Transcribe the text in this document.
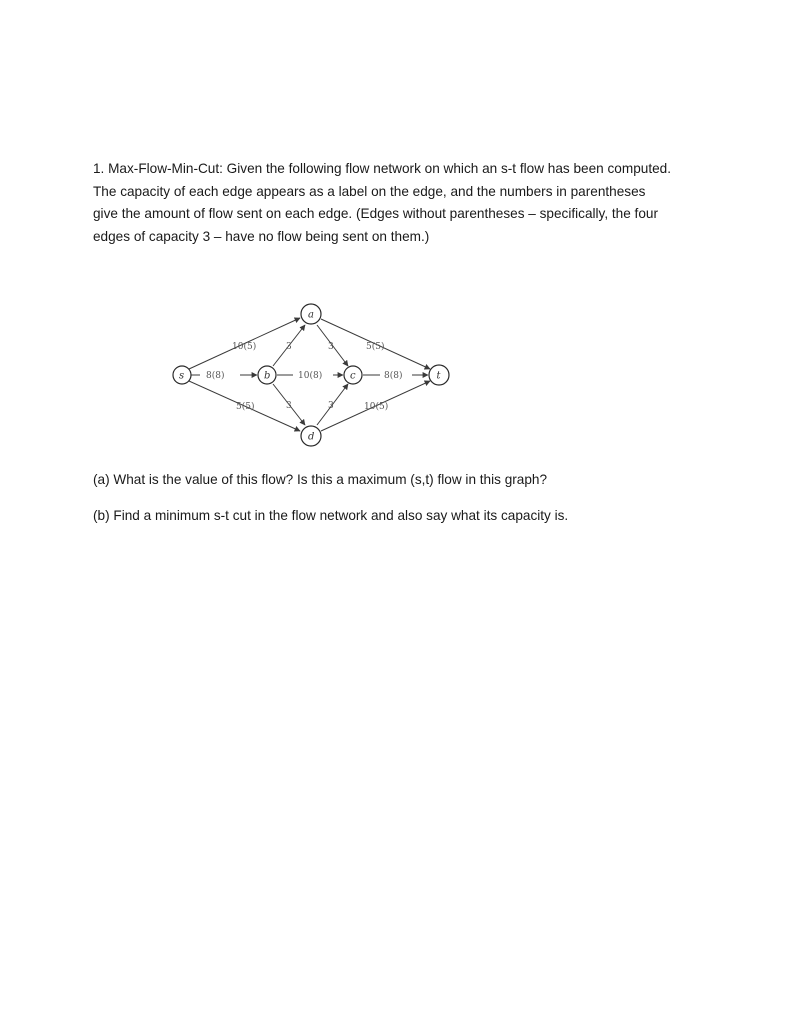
1. Max-Flow-Min-Cut: Given the following flow network on which an s-t flow has been computed. The capacity of each edge appears as a label on the edge, and the numbers in parentheses give the amount of flow sent on each edge. (Edges without parentheses – specifically, the four edges of capacity 3 – have no flow being sent on them.)

10(5)
8(8)
5(5)
3	3	5(5)
10(8)
3	3
8(8)
10(5)
s
a
b	c
d
t

(a) What is the value of this flow? Is this a maximum (s,t) flow in this graph?

(b) Find a minimum s-t cut in the flow network and also say what its capacity is.
